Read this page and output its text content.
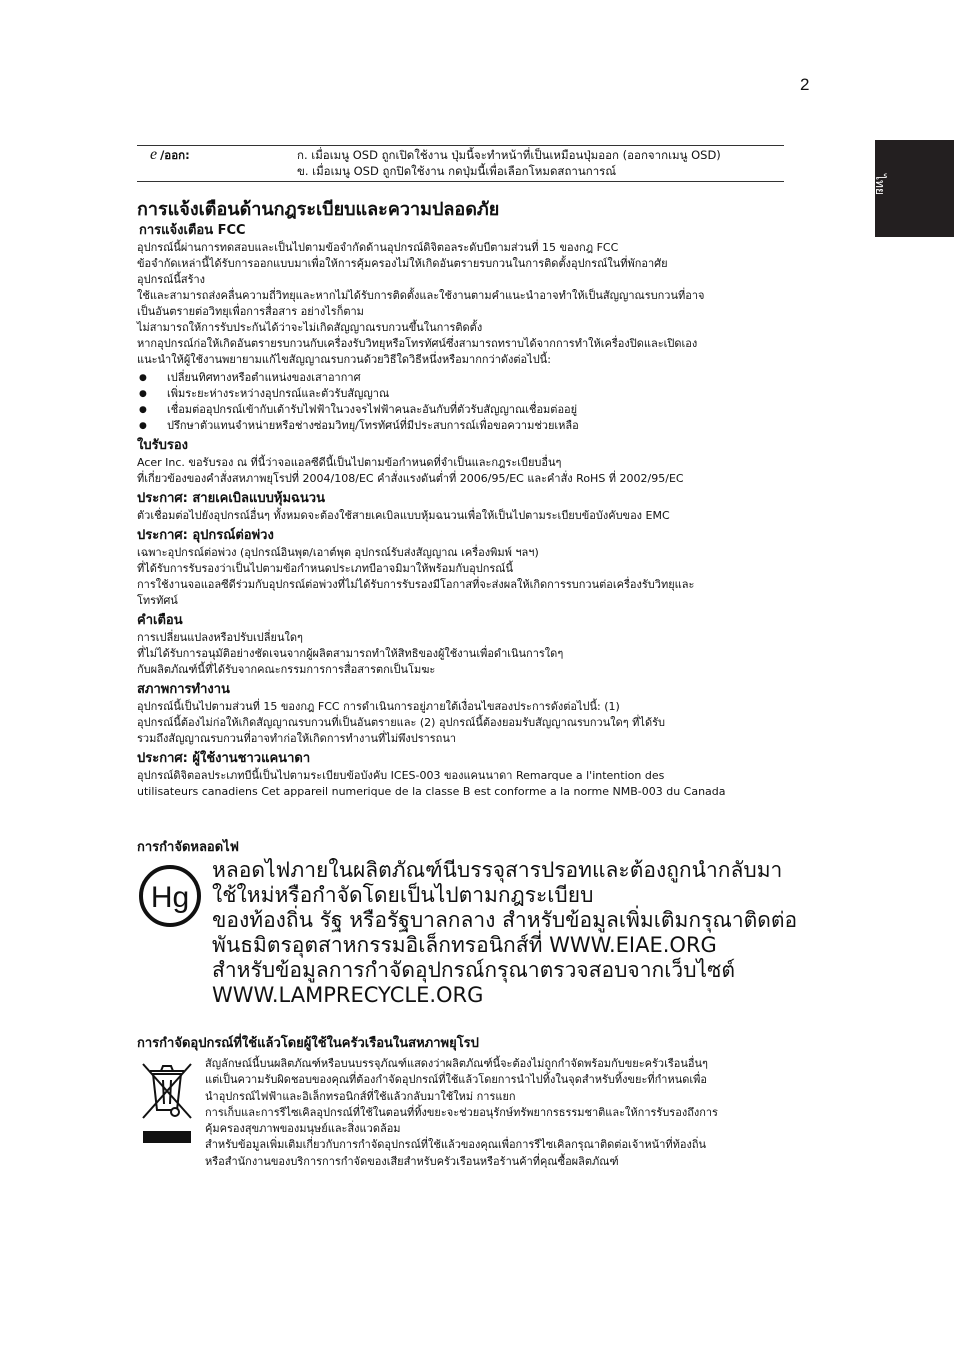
2
ไทย
e /ออก:	ก. เมื่อเมนู OSD ถูกเปิดใช้งาน ปุ่มนี้จะทำหน้าที่เป็นเหมือนปุ่มออก (ออกจากเมนู OSD)
ข. เมื่อเมนู OSD ถูกปิดใช้งาน กดปุ่มนี้เพื่อเลือกโหมดสถานการณ์
การแจ้งเตือนด้านกฎระเบียบและความปลอดภัย
การแจ้งเตือน FCC

อุปกรณ์นี้ผ่านการทดสอบและเป็นไปตามข้อจำกัดด้านอุปกรณ์ดิจิตอลระดับบีตามส่วนที่ 15 ของกฎ FCC

ข้อจำกัดเหล่านี้ได้รับการออกแบบมาเพื่อให้การคุ้มครองไม่ให้เกิดอันตรายรบกวนในการติดตั้งอุปกรณ์ในที่พักอาศัย

อุปกรณ์นี้สร้าง

ใช้และสามารถส่งคลื่นความถี่วิทยุและหากไม่ได้รับการติดตั้งและใช้งานตามคำแนะนำอาจทำให้เป็นสัญญาณรบกวนที่อาจ

เป็นอันตรายต่อวิทยุเพื่อการสื่อสาร อย่างไรก็ตาม

ไม่สามารถให้การรับประกันได้ว่าจะไม่เกิดสัญญาณรบกวนขึ้นในการติดตั้ง

หากอุปกรณ์ก่อให้เกิดอันตรายรบกวนกับเครื่องรับวิทยุหรือโทรทัศน์ซึ่งสามารถทราบได้จากการทำให้เครื่องปิดและเปิดเอง

แนะนำให้ผู้ใช้งานพยายามแก้ไขสัญญาณรบกวนด้วยวิธีใดวิธีหนึ่งหรือมากกว่าดังต่อไปนี้:

● เปลี่ยนทิศทางหรือตำแหน่งของเสาอากาศ
● เพิ่มระยะห่างระหว่างอุปกรณ์และตัวรับสัญญาณ
● เชื่อมต่ออุปกรณ์เข้ากับเต้ารับไฟฟ้าในวงจรไฟฟ้าคนละอันกับที่ตัวรับสัญญาณเชื่อมต่ออยู่
● ปรึกษาตัวแทนจำหน่ายหรือช่างซ่อมวิทยุ/โทรทัศน์ที่มีประสบการณ์เพื่อขอความช่วยเหลือ
ใบรับรอง

Acer Inc. ขอรับรอง ณ ที่นี้ว่าจอแอลซีดีนี้เป็นไปตามข้อกำหนดที่จำเป็นและกฎระเบียบอื่นๆ

ที่เกี่ยวข้องของคำสั่งสหภาพยุโรปที่ 2004/108/EC คำสั่งแรงดันต่ำที่ 2006/95/EC และคำสั่ง RoHS ที่ 2002/95/EC

ประกาศ: สายเคเบิลแบบหุ้มฉนวน

ตัวเชื่อมต่อไปยังอุปกรณ์อื่นๆ ทั้งหมดจะต้องใช้สายเคเบิลแบบหุ้มฉนวนเพื่อให้เป็นไปตามระเบียบข้อบังคับของ EMC

ประกาศ: อุปกรณ์ต่อพ่วง

เฉพาะอุปกรณ์ต่อพ่วง (อุปกรณ์อินพุต/เอาต์พุต อุปกรณ์รับส่งสัญญาณ เครื่องพิมพ์ ฯลฯ)

ที่ได้รับการรับรองว่าเป็นไปตามข้อกำหนดประเภทบีอาจมิมาให้พร้อมกับอุปกรณ์นี้

การใช้งานจอแอลซีดีร่วมกับอุปกรณ์ต่อพ่วงที่ไม่ได้รับการรับรองมีโอกาสที่จะส่งผลให้เกิดการรบกวนต่อเครื่องรับวิทยุและ

โทรทัศน์

คำเตือน

การเปลี่ยนแปลงหรือปรับเปลี่ยนใดๆ

ที่ไม่ได้รับการอนุมัติอย่างชัดเจนจากผู้ผลิตสามารถทำให้สิทธิของผู้ใช้งานเพื่อดำเนินการใดๆ

กับผลิตภัณฑ์นี้ที่ได้รับจากคณะกรรมการการสื่อสารตกเป็นโมฆะ

สภาพการทำงาน

อุปกรณ์นี้เป็นไปตามส่วนที่ 15 ของกฎ FCC การดำเนินการอยู่ภายใต้เงื่อนไขสองประการดังต่อไปนี้: (1)

อุปกรณ์นี้ต้องไม่ก่อให้เกิดสัญญาณรบกวนที่เป็นอันตรายและ (2) อุปกรณ์นี้ต้องยอมรับสัญญาณรบกวนใดๆ ที่ได้รับ

รวมถึงสัญญาณรบกวนที่อาจทำก่อให้เกิดการทำงานที่ไม่พึงปรารถนา

ประกาศ: ผู้ใช้งานชาวแคนาดา

อุปกรณ์ดิจิตอลประเภทบีนี้เป็นไปตามระเบียบข้อบังคับ ICES-003 ของแคนนาดา Remarque a l'intention des

utilisateurs canadiens Cet appareil numerique de la classe B est conforme a la norme NMB-003 du Canada

การกำจัดหลอดไฟ
Hg
หลอดไฟภายในผลิตภัณฑ์นีบรรจุสารปรอทและต้องถูกนำกลับมา
ใช้ใหม่หรือกำจัดโดยเป็นไปตามกฎระเบียบ
ของท้องถิ่น รัฐ หรือรัฐบาลกลาง สำหรับข้อมูลเพิ่มเติมกรุณาติดต่อ
พันธมิตรอุตสาหกรรมอิเล็กทรอนิกส์ที่ WWW.EIAE.ORG
สำหรับข้อมูลการกำจัดอุปกรณ์กรุณาตรวจสอบจากเว็บไซต์
WWW.LAMPRECYCLE.ORG
การกำจัดอุปกรณ์ที่ใช้แล้วโดยผู้ใช้ในครัวเรือนในสหภาพยุโรป

สัญลักษณ์นี้บนผลิตภัณฑ์หรือบนบรรจุภัณฑ์แสดงว่าผลิตภัณฑ์นี้จะต้องไม่ถูกกำจัดพร้อมกับขยะครัวเรือนอื่นๆ

แต่เป็นความรับผิดชอบของคุณที่ต้องกำจัดอุปกรณ์ที่ใช้แล้วโดยการนำไปทิ้งในจุดสำหรับทิ้งขยะที่กำหนดเพื่อ

นำอุปกรณ์ไฟฟ้าและอิเล็กทรอนิกส์ที่ใช้แล้วกลับมาใช้ใหม่ การแยก

การเก็บและการรีไซเคิลอุปกรณ์ที่ใช้ในตอนที่ทิ้งขยะจะช่วยอนุรักษ์ทรัพยากรธรรมชาติและให้การรับรองถึงการ

คุ้มครองสุขภาพของมนุษย์และสิ่งแวดล้อม

สำหรับข้อมูลเพิ่มเติมเกี่ยวกับการกำจัดอุปกรณ์ที่ใช้แล้วของคุณเพื่อการรีไซเคิลกรุณาติดต่อเจ้าหน้าที่ท้องถิ่น

หรือสำนักงานของบริการการกำจัดของเสียสำหรับครัวเรือนหรือร้านค้าที่คุณซื้อผลิตภัณฑ์
